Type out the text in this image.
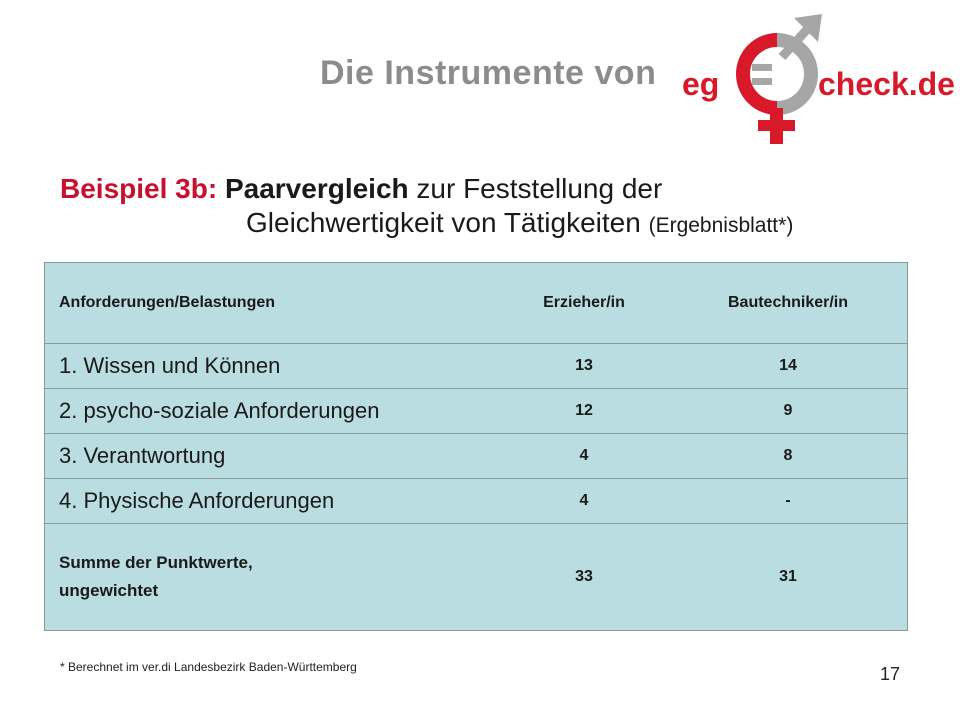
Die Instrumente von eg	check.de
Beispiel 3b: Paarvergleich zur Feststellung der
Gleichwertigkeit von Tätigkeiten (Ergebnisblatt*)
Anforderungen/Belastungen	Erzieher/in	Bautechniker/in
1. Wissen und Können	13	14
2. psycho-soziale Anforderungen	12	9
3. Verantwortung	4	8
4. Physische Anforderungen	4	-
Summe der Punktwerte,
ungewichtet	33	31
* Berechnet im ver.di Landesbezirk Baden-Württemberg	17
